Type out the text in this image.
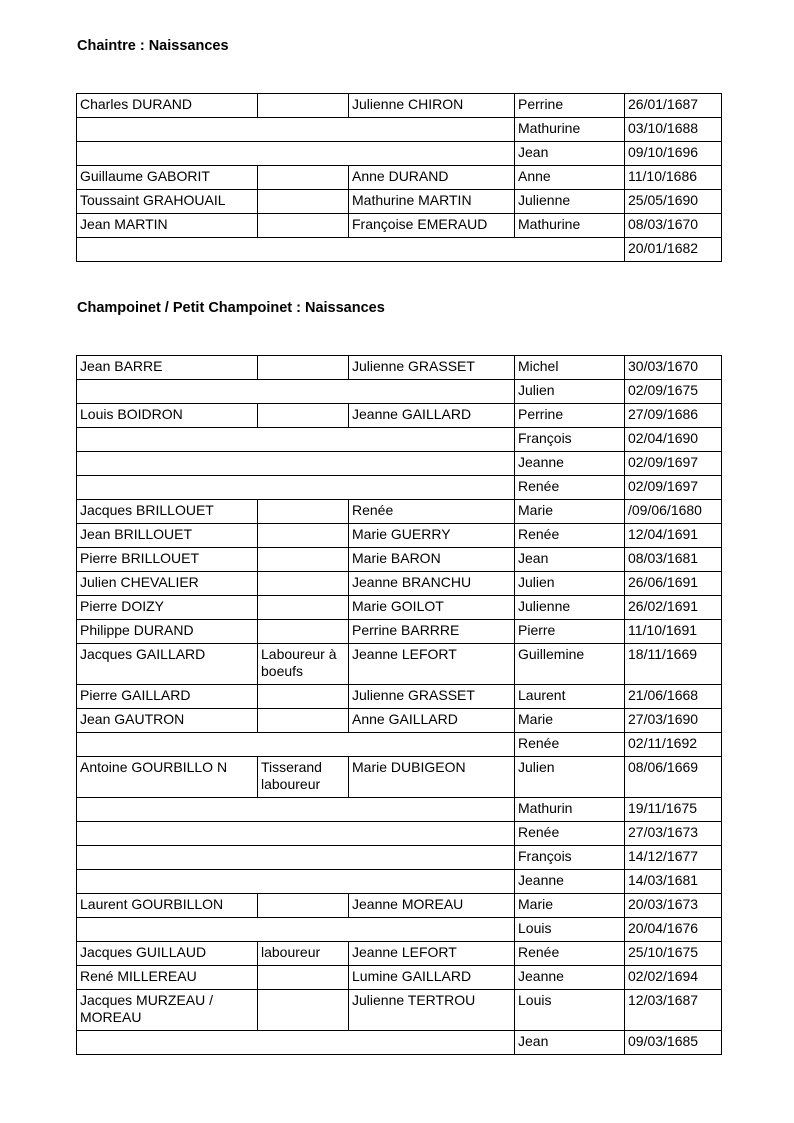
Chaintre : Naissances
Charles DURAND		Julienne CHIRON	Perrine	26/01/1687
			Mathurine	03/10/1688
			Jean	09/10/1696
Guillaume GABORIT		Anne DURAND	Anne	11/10/1686
Toussaint GRAHOUAIL		Mathurine MARTIN	Julienne	25/05/1690
Jean MARTIN		Françoise EMERAUD	Mathurine	08/03/1670
				20/01/1682
Champoinet / Petit Champoinet : Naissances
Jean BARRE		Julienne GRASSET	Michel	30/03/1670
			Julien	02/09/1675
Louis BOIDRON		Jeanne GAILLARD	Perrine	27/09/1686
			François	02/04/1690
			Jeanne	02/09/1697
			Renée	02/09/1697
Jacques BRILLOUET		Renée	Marie	/09/06/1680
Jean BRILLOUET		Marie GUERRY	Renée	12/04/1691
Pierre BRILLOUET		Marie BARON	Jean	08/03/1681
Julien CHEVALIER		Jeanne BRANCHU	Julien	26/06/1691
Pierre DOIZY		Marie GOILOT	Julienne	26/02/1691
Philippe DURAND		Perrine BARRRE	Pierre	11/10/1691
Jacques GAILLARD	Laboureur à boeufs	Jeanne LEFORT	Guillemine	18/11/1669
Pierre GAILLARD		Julienne GRASSET	Laurent	21/06/1668
Jean GAUTRON		Anne GAILLARD	Marie	27/03/1690
			Renée	02/11/1692
Antoine GOURBILLO N	Tisserand laboureur	Marie DUBIGEON	Julien	08/06/1669
			Mathurin	19/11/1675
			Renée	27/03/1673
			François	14/12/1677
			Jeanne	14/03/1681
Laurent GOURBILLON		Jeanne MOREAU	Marie	20/03/1673
			Louis	20/04/1676
Jacques GUILLAUD	laboureur	Jeanne LEFORT	Renée	25/10/1675
René MILLEREAU		Lumine GAILLARD	Jeanne	02/02/1694
Jacques MURZEAU / MOREAU		Julienne TERTROU	Louis	12/03/1687
			Jean	09/03/1685
